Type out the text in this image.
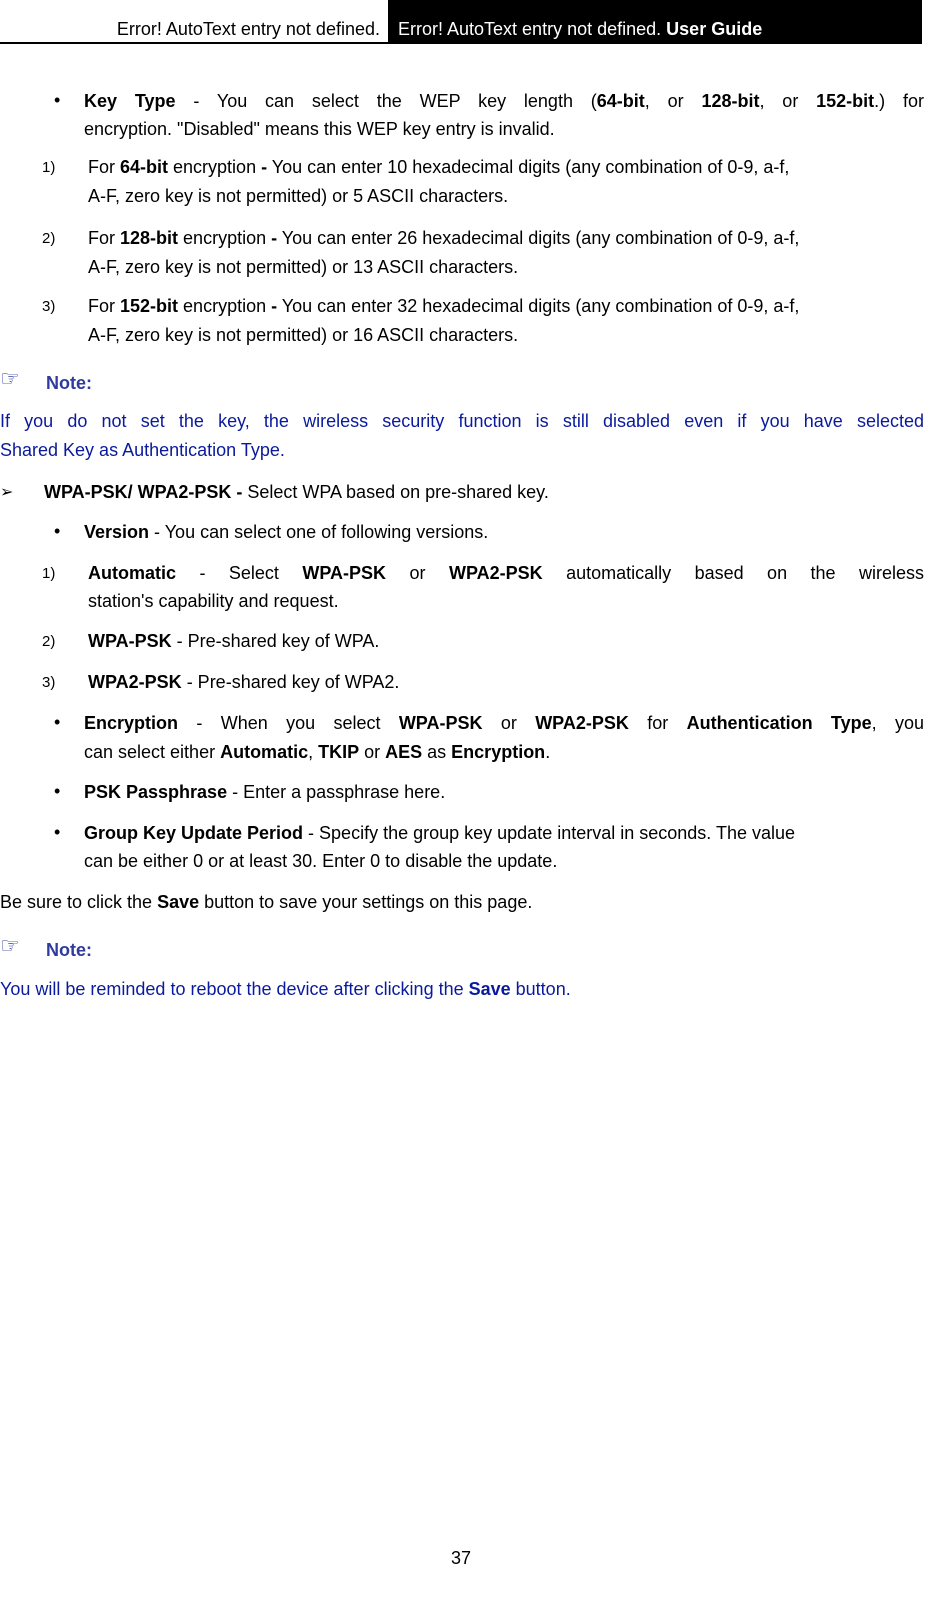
Error! AutoText entry not defined.	Error! AutoText entry not defined. User Guide
• Key Type - You can select the WEP key length (64-bit, or 128-bit, or 152-bit.) for
encryption. "Disabled" means this WEP key entry is invalid.
1) For 64-bit encryption - You can enter 10 hexadecimal digits (any combination of 0-9, a-f,
A-F, zero key is not permitted) or 5 ASCII characters.
2) For 128-bit encryption - You can enter 26 hexadecimal digits (any combination of 0-9, a-f,
A-F, zero key is not permitted) or 13 ASCII characters.
3) For 152-bit encryption - You can enter 32 hexadecimal digits (any combination of 0-9, a-f,
A-F, zero key is not permitted) or 16 ASCII characters.
☞ Note:
If you do not set the key, the wireless security function is still disabled even if you have selected
Shared Key as Authentication Type.
➢ WPA-PSK/ WPA2-PSK - Select WPA based on pre-shared key.
• Version - You can select one of following versions.
1) Automatic - Select WPA-PSK or WPA2-PSK automatically based on the wireless
station's capability and request.
2) WPA-PSK - Pre-shared key of WPA.
3) WPA2-PSK - Pre-shared key of WPA2.
• Encryption - When you select WPA-PSK or WPA2-PSK for Authentication Type, you
can select either Automatic, TKIP or AES as Encryption.
• PSK Passphrase - Enter a passphrase here.
• Group Key Update Period - Specify the group key update interval in seconds. The value
can be either 0 or at least 30. Enter 0 to disable the update.
Be sure to click the Save button to save your settings on this page.
☞ Note:
You will be reminded to reboot the device after clicking the Save button.
37
